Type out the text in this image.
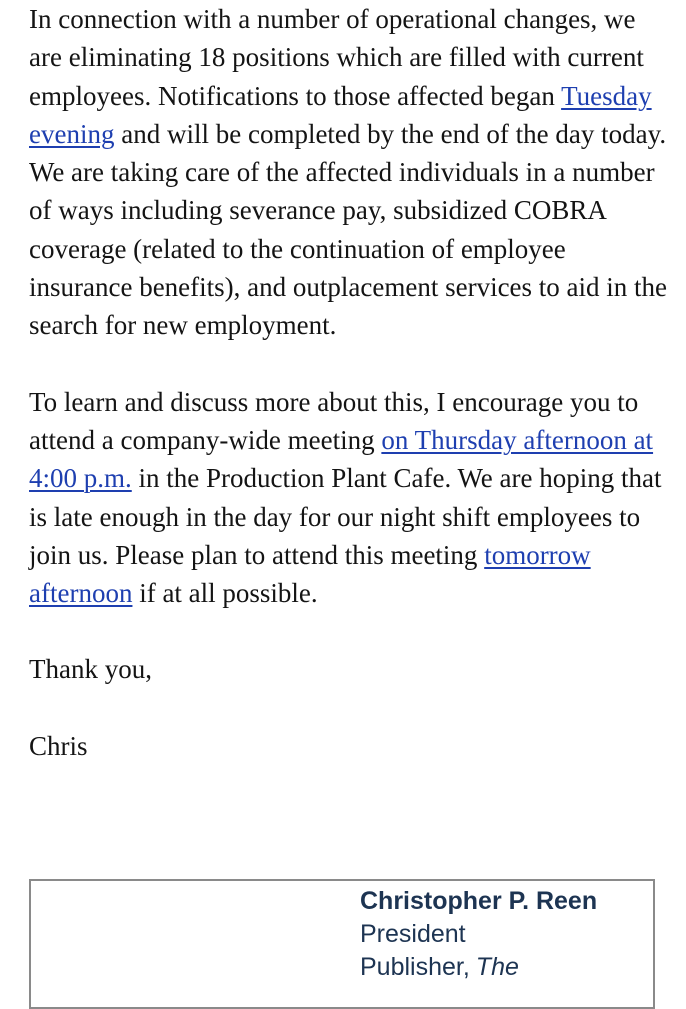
In connection with a number of operational changes, we are eliminating 18 positions which are filled with current employees. Notifications to those affected began Tuesday evening and will be completed by the end of the day today. We are taking care of the affected individuals in a number of ways including severance pay, subsidized COBRA coverage (related to the continuation of employee insurance benefits), and outplacement services to aid in the search for new employment.

To learn and discuss more about this, I encourage you to attend a company-wide meeting on Thursday afternoon at 4:00 p.m. in the Production Plant Cafe. We are hoping that is late enough in the day for our night shift employees to join us. Please plan to attend this meeting tomorrow afternoon if at all possible.

Thank you,

Chris

Christopher P. Reen
President
Publisher, The
